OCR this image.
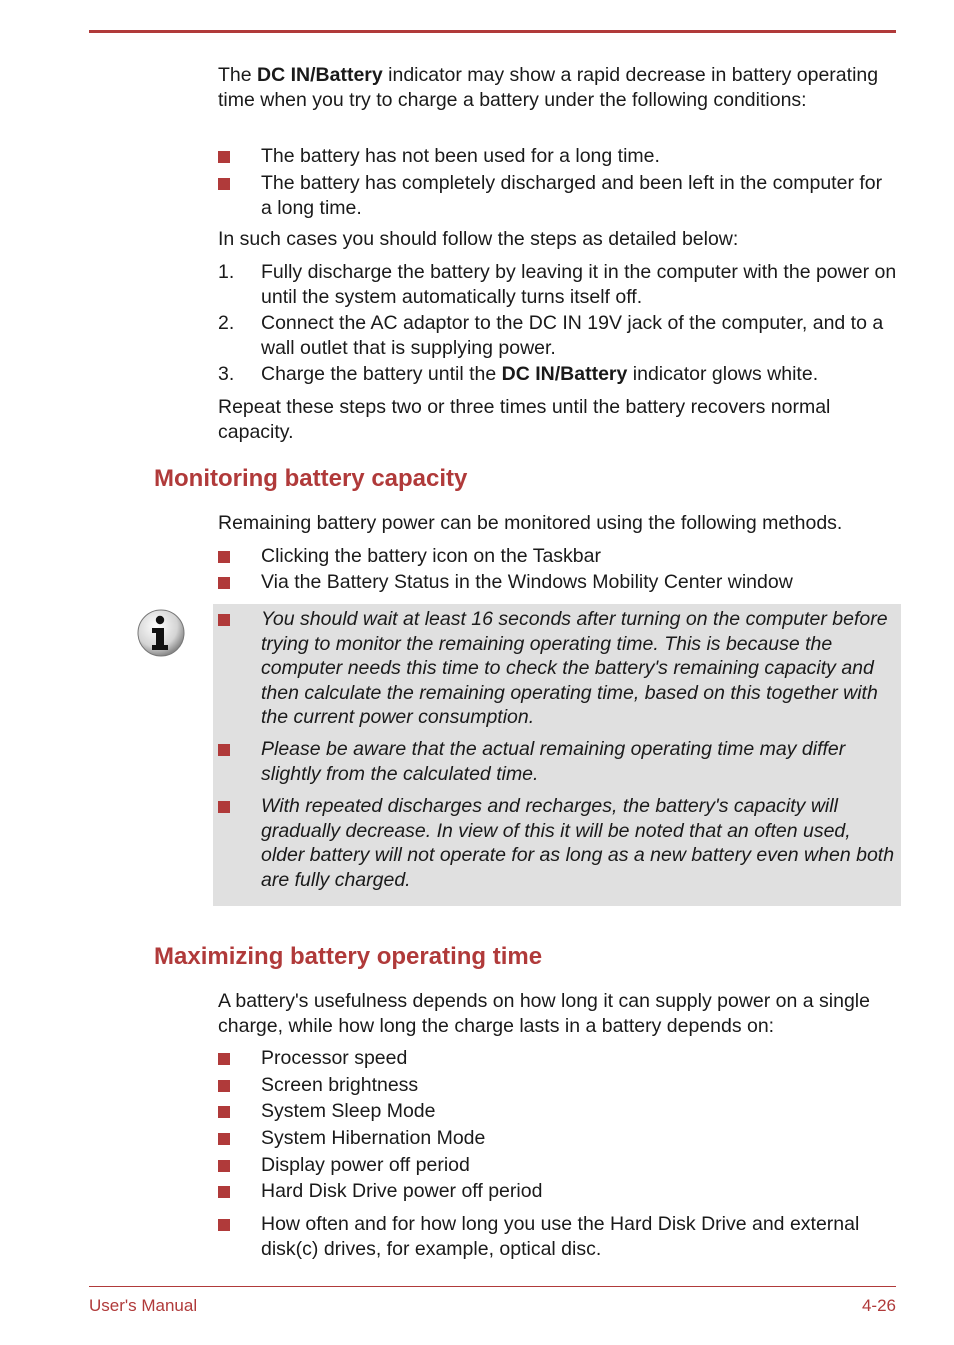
The DC IN/Battery indicator may show a rapid decrease in battery operating time when you try to charge a battery under the following conditions:
The battery has not been used for a long time.
The battery has completely discharged and been left in the computer for a long time.
In such cases you should follow the steps as detailed below:
1. Fully discharge the battery by leaving it in the computer with the power on until the system automatically turns itself off.
2. Connect the AC adaptor to the DC IN 19V jack of the computer, and to a wall outlet that is supplying power.
3. Charge the battery until the DC IN/Battery indicator glows white.
Repeat these steps two or three times until the battery recovers normal capacity.
Monitoring battery capacity
Remaining battery power can be monitored using the following methods.
Clicking the battery icon on the Taskbar
Via the Battery Status in the Windows Mobility Center window
You should wait at least 16 seconds after turning on the computer before trying to monitor the remaining operating time. This is because the computer needs this time to check the battery's remaining capacity and then calculate the remaining operating time, based on this together with the current power consumption.
Please be aware that the actual remaining operating time may differ slightly from the calculated time.
With repeated discharges and recharges, the battery's capacity will gradually decrease. In view of this it will be noted that an often used, older battery will not operate for as long as a new battery even when both are fully charged.
Maximizing battery operating time
A battery's usefulness depends on how long it can supply power on a single charge, while how long the charge lasts in a battery depends on:
Processor speed
Screen brightness
System Sleep Mode
System Hibernation Mode
Display power off period
Hard Disk Drive power off period
How often and for how long you use the Hard Disk Drive and external disk(c) drives, for example, optical disc.
User's Manual	4-26
